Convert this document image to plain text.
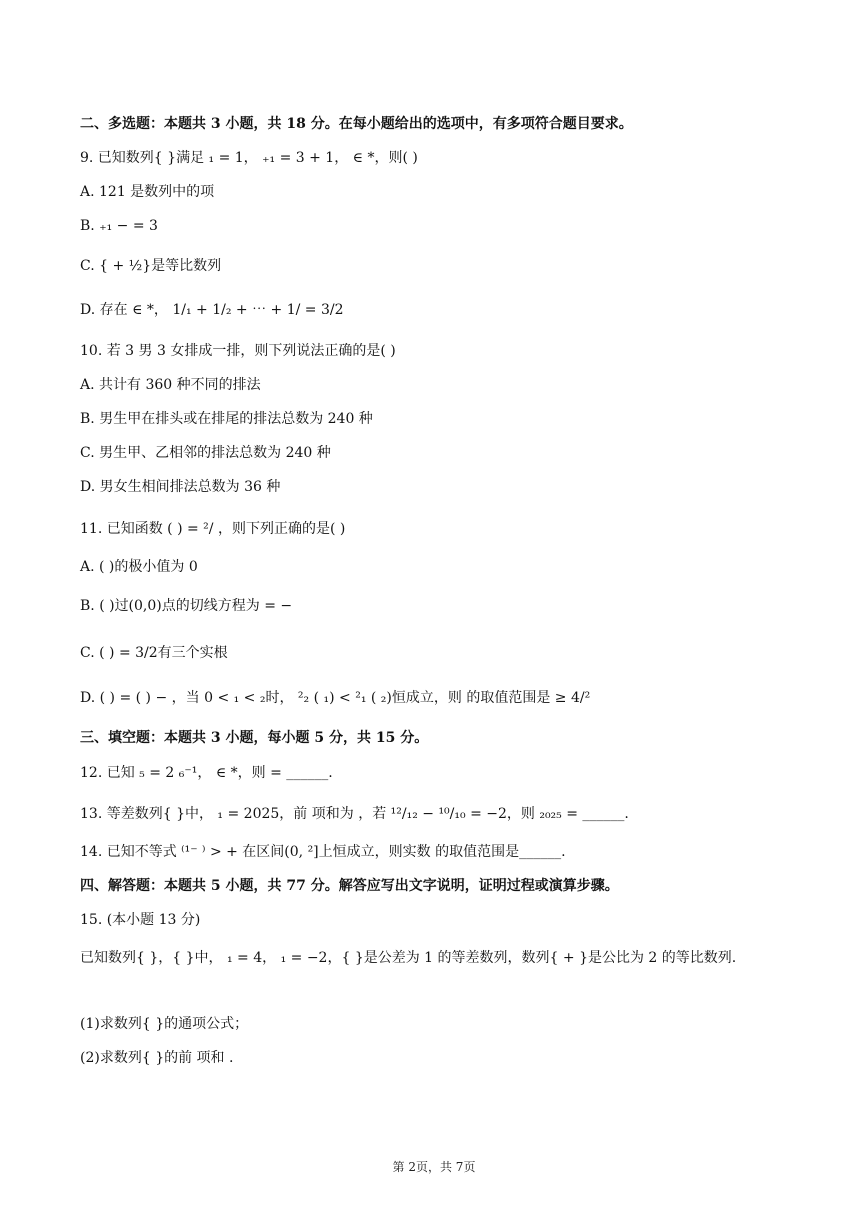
二、多选题：本题共 3 小题，共 18 分。在每小题给出的选项中，有多项符合题目要求。
9. 已知数列{ }满足 ₁ = 1， ₊₁ = 3 + 1， ∈ *，则( )
A. 121 是数列中的项
B. ₊₁ − = 3
C. { + ½}是等比数列
D. 存在 ∈ *， 1/₁ + 1/₂ + ⋯ + 1/ = 3/2
10. 若 3 男 3 女排成一排，则下列说法正确的是( )
A. 共计有 360 种不同的排法
B. 男生甲在排头或在排尾的排法总数为 240 种
C. 男生甲、乙相邻的排法总数为 240 种
D. 男女生相间排法总数为 36 种
11. 已知函数 ( ) = ²/ ，则下列正确的是( )
A. ( )的极小值为 0
B. ( )过(0,0)点的切线方程为 = −
C. ( ) = 3/2有三个实根
D. ( ) = ( ) − ，当 0 < ₁ < ₂时， ²₂ ( ₁) < ²₁ ( ₂)恒成立，则 的取值范围是 ≥ 4/²
三、填空题：本题共 3 小题，每小题 5 分，共 15 分。
12. 已知 ₅ = 2 ₆⁻¹， ∈ *，则 = ______.
13. 等差数列{ }中， ₁ = 2025，前 项和为 ，若 ¹²/₁₂ − ¹⁰/₁₀ = −2，则 ₂₀₂₅ = ______.
14. 已知不等式 ⁽¹⁻ ⁾ > + 在区间(0, ²]上恒成立，则实数 的取值范围是______.
四、解答题：本题共 5 小题，共 77 分。解答应写出文字说明，证明过程或演算步骤。
15. (本小题 13 分)
已知数列{ }，{ }中， ₁ = 4， ₁ = −2，{ }是公差为 1 的等差数列，数列{ + }是公比为 2 的等比数列.
(1)求数列{ }的通项公式；
(2)求数列{ }的前 项和 .
第 2页，共 7页
